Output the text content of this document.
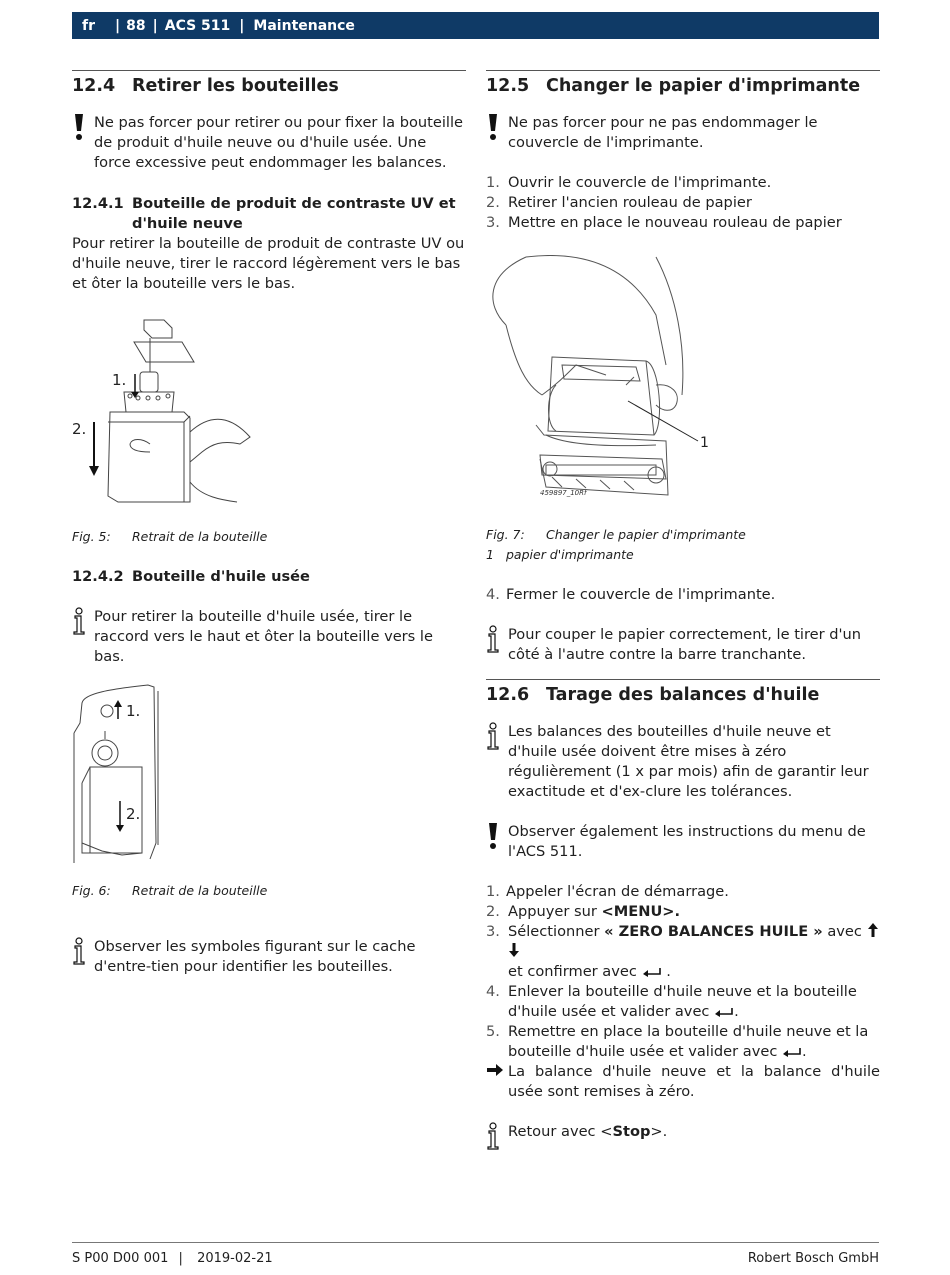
fr | 88 | ACS 511 | Maintenance
12.4 Retirer les bouteilles

Ne pas forcer pour retirer ou pour fixer la bouteille de produit d'huile neuve ou d'huile usée. Une force excessive peut endommager les balances.

12.4.1 Bouteille de produit de contraste UV et d'huile neuve

Pour retirer la bouteille de produit de contraste UV ou d'huile neuve, tirer le raccord légèrement vers le bas et ôter la bouteille vers le bas.

1.
2.
Fig. 5:	Retrait de la bouteille
12.4.2 Bouteille d'huile usée

Pour retirer la bouteille d'huile usée, tirer le raccord vers le haut et ôter la bouteille vers le bas.

1.
2.
Fig. 6:	Retrait de la bouteille

Observer les symboles figurant sur le cache d'entre-tien pour identifier les bouteilles.

12.5 Changer le papier d'imprimante

Ne pas forcer pour ne pas endommager le couvercle de l'imprimante.

1. Ouvrir le couvercle de l'imprimante.
2. Retirer l'ancien rouleau de papier
3. Mettre en place le nouveau rouleau de papier
1
459897_10Rf
Fig. 7:	Changer le papier d'imprimante
1 papier d'imprimante
4. Fermer le couvercle de l'imprimante.

Pour couper le papier correctement, le tirer d'un côté à l'autre contre la barre tranchante.

12.6 Tarage des balances d'huile

Les balances des bouteilles d'huile neuve et d'huile usée doivent être mises à zéro régulièrement (1 x par mois) afin de garantir leur exactitude et d'ex-clure les tolérances.

Observer également les instructions du menu de l'ACS 511.

1. Appeler l'écran de démarrage.
2. Appuyer sur <MENU>.
3. Sélectionner « ZERO BALANCES HUILE » avec
et confirmer avec .
4. Enlever la bouteille d'huile neuve et la bouteille d'huile usée et valider avec .
5. Remettre en place la bouteille d'huile neuve et la bouteille d'huile usée et valider avec .
La balance d'huile neuve et la balance d'huile usée sont remises à zéro.

Retour avec <Stop>.

S P00 D00 001 | 2019-02-21	Robert Bosch GmbH
